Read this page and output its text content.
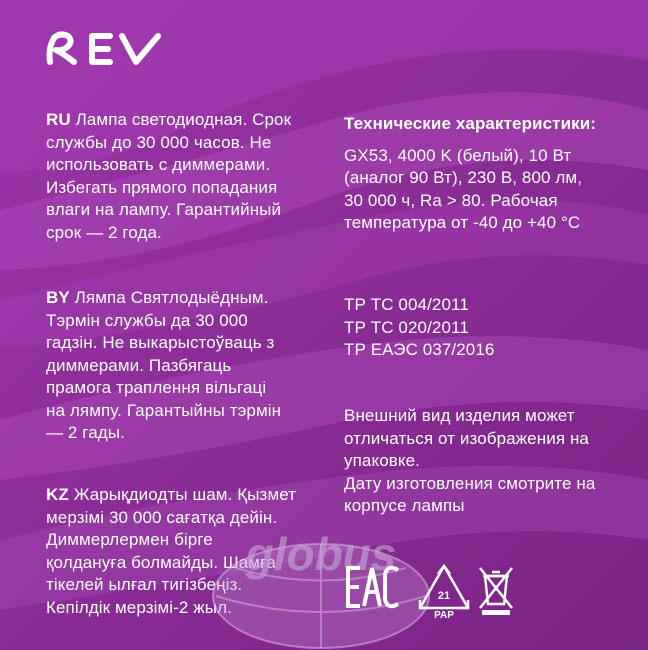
RU Лампа светодиодная. Срок
службы до 30 000 часов. Не
использовать с диммерами.
Избегать прямого попадания
влаги на лампу. Гарантийный
срок — 2 года.
BY Лямпа Святлодыёдным.
Тэрмін службы да 30 000
гадзін. Не выкарыстоўваць з
диммерами. Пазбягаць
прамога траплення вільгаці
на лямпу. Гарантыйны тэрмін
— 2 гады.
KZ Жарықдиодты шам. Қызмет
мерзімі 30 000 сағатқа дейін.
Диммерлермен бірге
қолдануға болмайды. Шамға
тікелей ылғал тигізбеңіз.
Кепілдік мерзімі-2 жыл.
Технические характеристики:
GX53, 4000 K (белый), 10 Вт
(аналог 90 Вт), 230 В, 800 лм,
30 000 ч, Ra > 80. Рабочая
температура от -40 до +40 °С
ТР ТС 004/2011
ТР ТС 020/2011
ТР ЕАЭС 037/2016
Внешний вид изделия может
отличаться от изображения на
упаковке.
Дату изготовления смотрите на
корпусе лампы
globus
21
PAP
